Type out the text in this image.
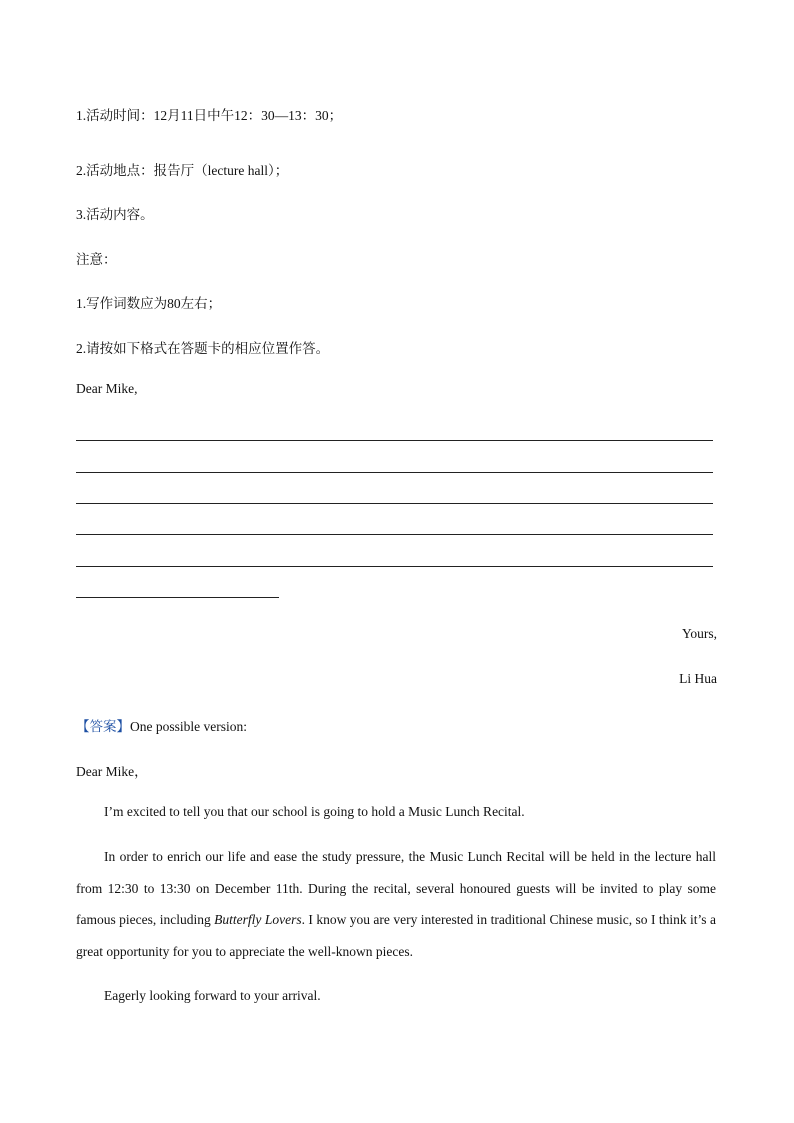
1.活动时间：12月11日中午12：30—13：30；
2.活动地点：报告厅（lecture hall）；
3.活动内容。
注意：
1.写作词数应为80左右；
2.请按如下格式在答题卡的相应位置作答。
Dear Mike,
Yours,
Li Hua
【答案】One possible version:
Dear Mike，
I’m excited to tell you that our school is going to hold a Music Lunch Recital.
In order to enrich our life and ease the study pressure, the Music Lunch Recital will be held in the lecture hall from 12:30 to 13:30 on December 11th. During the recital, several honoured guests will be invited to play some famous pieces, including Butterfly Lovers. I know you are very interested in traditional Chinese music, so I think it’s a great opportunity for you to appreciate the well-known pieces.
Eagerly looking forward to your arrival.
